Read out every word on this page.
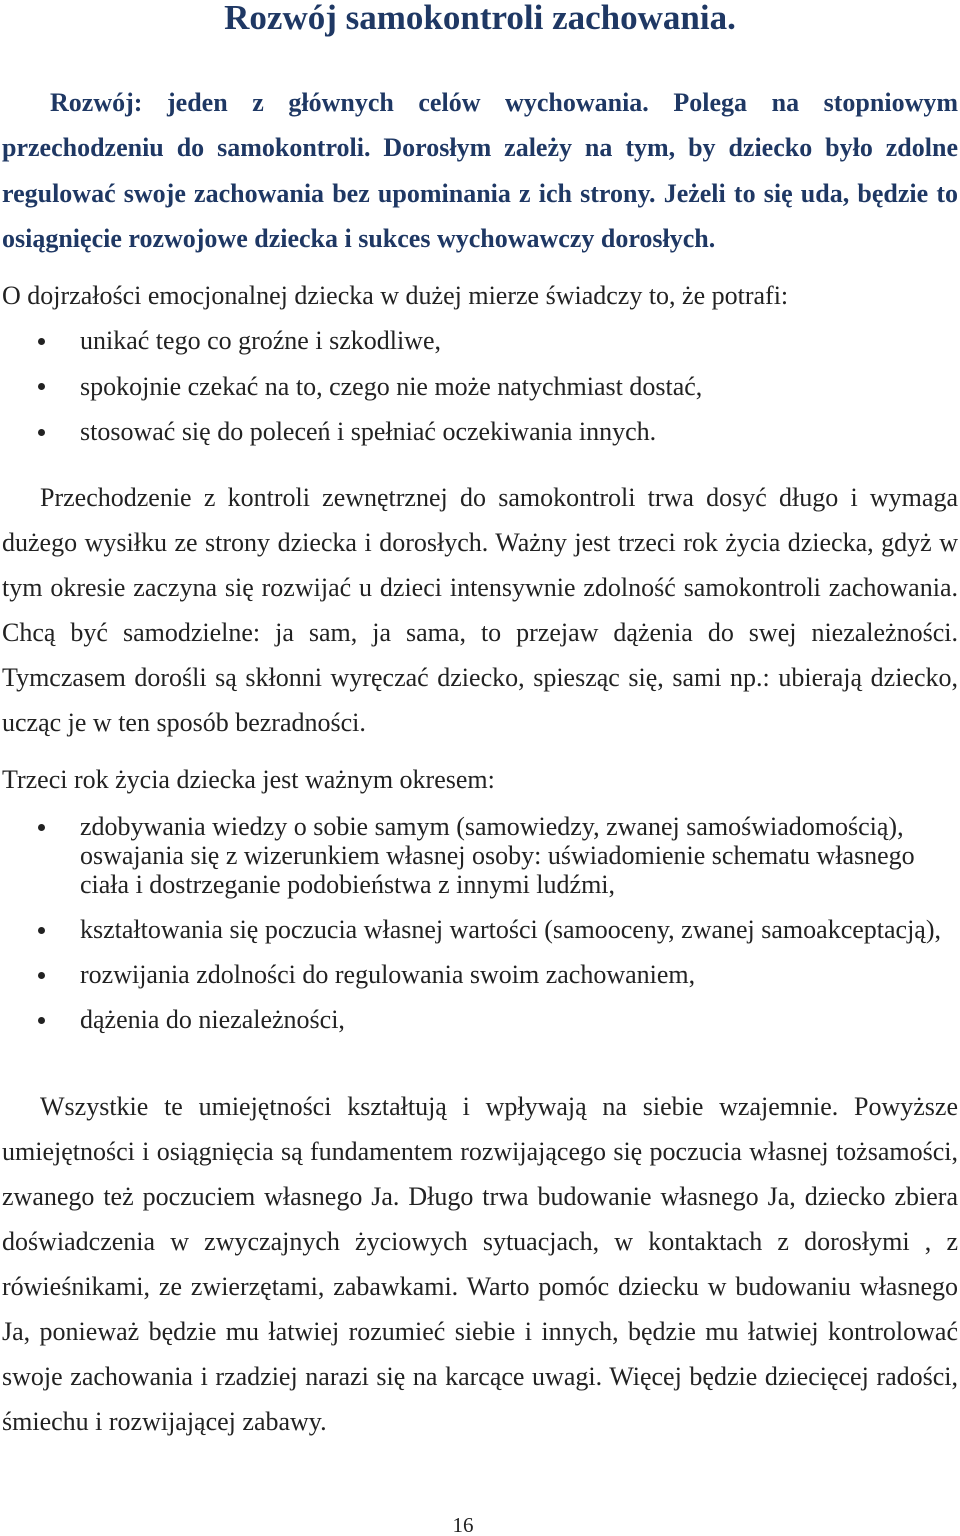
Rozwój samokontroli zachowania.
Rozwój: jeden z głównych celów wychowania. Polega na stopniowym
przechodzeniu do samokontroli. Dorosłym zależy na tym, by dziecko było zdolne
regulować swoje zachowania bez upominania z ich strony. Jeżeli to się uda, będzie to
osiągnięcie rozwojowe dziecka i sukces wychowawczy dorosłych.
O dojrzałości emocjonalnej dziecka w dużej mierze świadczy to, że potrafi:
unikać tego co groźne i szkodliwe,
spokojnie czekać na to, czego nie może natychmiast dostać,
stosować się do poleceń i spełniać oczekiwania innych.
Przechodzenie z kontroli zewnętrznej do samokontroli trwa dosyć długo i wymaga
dużego wysiłku ze strony dziecka i dorosłych. Ważny jest trzeci rok życia dziecka, gdyż w
tym okresie zaczyna się rozwijać u dzieci intensywnie zdolność samokontroli zachowania.
Chcą być samodzielne: ja sam, ja sama, to przejaw dążenia do swej niezależności.
Tymczasem dorośli są skłonni wyręczać dziecko, spiesząc się, sami np.: ubierają dziecko,
ucząc je w ten sposób bezradności.
Trzeci rok życia dziecka jest ważnym okresem:
zdobywania wiedzy o sobie samym (samowiedzy, zwanej samoświadomością),
oswajania się z wizerunkiem własnej osoby: uświadomienie schematu własnego
ciała i dostrzeganie podobieństwa z innymi ludźmi,
kształtowania się poczucia własnej wartości (samooceny, zwanej samoakceptacją),
rozwijania zdolności do regulowania swoim zachowaniem,
dążenia do niezależności,
Wszystkie te umiejętności kształtują i wpływają na siebie wzajemnie. Powyższe
umiejętności i osiągnięcia są fundamentem rozwijającego się poczucia własnej tożsamości,
zwanego też poczuciem własnego Ja. Długo trwa budowanie własnego Ja, dziecko zbiera
doświadczenia w zwyczajnych życiowych sytuacjach, w kontaktach z dorosłymi , z
rówieśnikami, ze zwierzętami, zabawkami. Warto pomóc dziecku w budowaniu własnego
Ja, ponieważ będzie mu łatwiej rozumieć siebie i innych, będzie mu łatwiej kontrolować
swoje zachowania i rzadziej narazi się na karcące uwagi. Więcej będzie dziecięcej radości,
śmiechu i rozwijającej zabawy.
16
